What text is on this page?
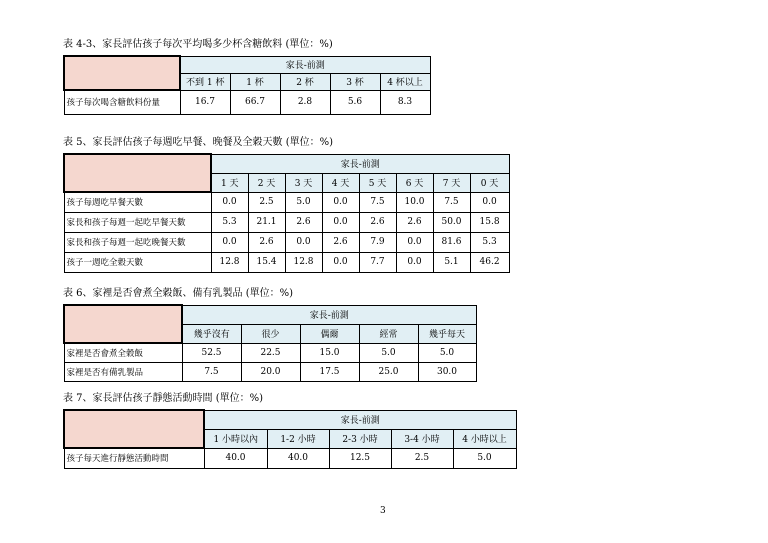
表 4-3、家長評估孩子每次平均喝多少杯含糖飲料 (單位：%)
	家長-前測				
	不到 1 杯	1 杯	2 杯	3 杯	4 杯以上
孩子每次喝含糖飲料份量	16.7	66.7	2.8	5.6	8.3
表 5、家長評估孩子每週吃早餐、晚餐及全穀天數 (單位：%)
	家長-前測							
	1 天	2 天	3 天	4 天	5 天	6 天	7 天	0 天
孩子每週吃早餐天數	0.0	2.5	5.0	0.0	7.5	10.0	7.5	0.0
家長和孩子每週一起吃早餐天數	5.3	21.1	2.6	0.0	2.6	2.6	50.0	15.8
家長和孩子每週一起吃晚餐天數	0.0	2.6	0.0	2.6	7.9	0.0	81.6	5.3
孩子一週吃全穀天數	12.8	15.4	12.8	0.0	7.7	0.0	5.1	46.2
表 6、家裡是否會煮全穀飯、備有乳製品 (單位：%)
	家長-前測				
	幾乎沒有	很少	偶爾	經常	幾乎每天
家裡是否會煮全穀飯	52.5	22.5	15.0	5.0	5.0
家裡是否有備乳製品	7.5	20.0	17.5	25.0	30.0
表 7、家長評估孩子靜態活動時間 (單位：%)
	家長-前測				
	1 小時以內	1-2 小時	2-3 小時	3-4 小時	4 小時以上
孩子每天進行靜態活動時間	40.0	40.0	12.5	2.5	5.0
3
